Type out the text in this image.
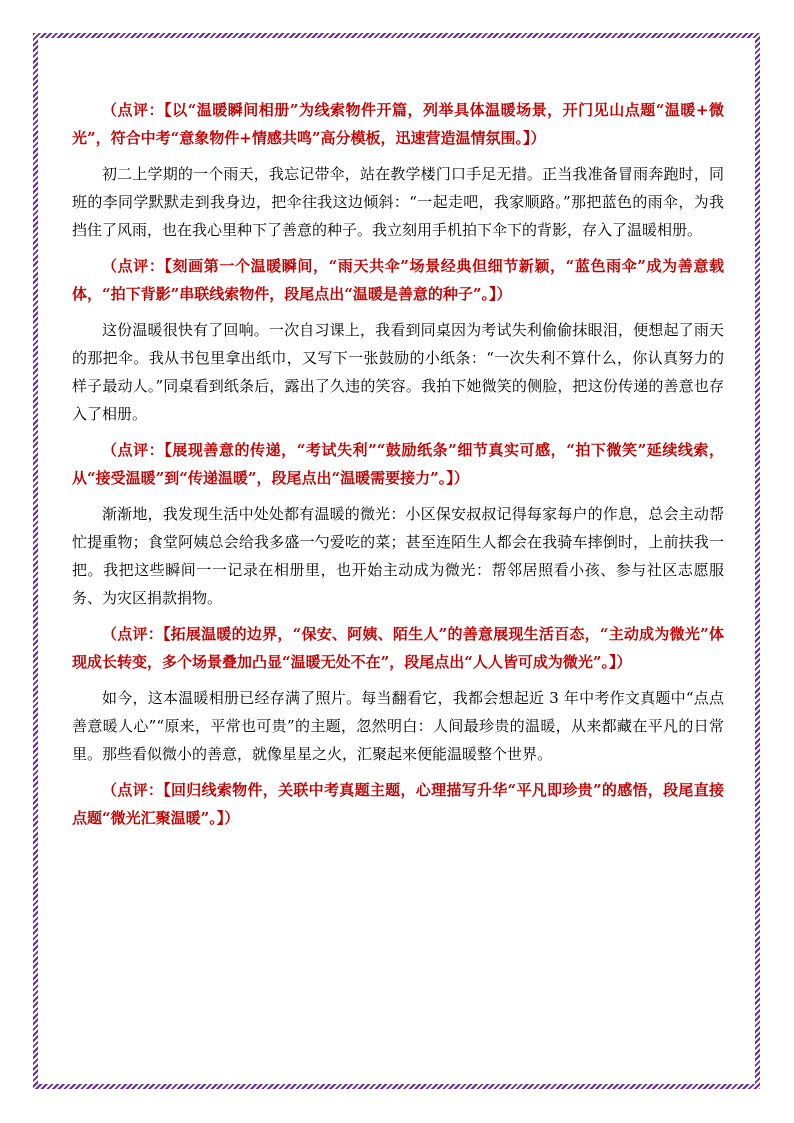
（点评：【以“温暖瞬间相册”为线索物件开篇，列举具体温暖场景，开门见山点题“温暖+微光”，符合中考“意象物件+情感共鸣”高分模板，迅速营造温情氛围。】）

初二上学期的一个雨天，我忘记带伞，站在教学楼门口手足无措。正当我准备冒雨奔跑时，同班的李同学默默走到我身边，把伞往我这边倾斜：“一起走吧，我家顺路。”那把蓝色的雨伞，为我挡住了风雨，也在我心里种下了善意的种子。我立刻用手机拍下伞下的背影，存入了温暖相册。

（点评：【刻画第一个温暖瞬间，“雨天共伞”场景经典但细节新颖，“蓝色雨伞”成为善意载体，“拍下背影”串联线索物件，段尾点出“温暖是善意的种子”。】）

这份温暖很快有了回响。一次自习课上，我看到同桌因为考试失利偷偷抹眼泪，便想起了雨天的那把伞。我从书包里拿出纸巾，又写下一张鼓励的小纸条：“一次失利不算什么，你认真努力的样子最动人。”同桌看到纸条后，露出了久违的笑容。我拍下她微笑的侧脸，把这份传递的善意也存入了相册。

（点评：【展现善意的传递，“考试失利”“鼓励纸条”细节真实可感，“拍下微笑”延续线索，从“接受温暖”到“传递温暖”，段尾点出“温暖需要接力”。】）

渐渐地，我发现生活中处处都有温暖的微光：小区保安叔叔记得每家每户的作息，总会主动帮忙提重物；食堂阿姨总会给我多盛一勺爱吃的菜；甚至连陌生人都会在我骑车摔倒时，上前扶我一把。我把这些瞬间一一记录在相册里，也开始主动成为微光：帮邻居照看小孩、参与社区志愿服务、为灾区捐款捐物。

（点评：【拓展温暖的边界，“保安、阿姨、陌生人”的善意展现生活百态，“主动成为微光”体现成长转变，多个场景叠加凸显“温暖无处不在”，段尾点出“人人皆可成为微光”。】）

如今，这本温暖相册已经存满了照片。每当翻看它，我都会想起近 3 年中考作文真题中“点点善意暖人心”“原来，平常也可贵”的主题，忽然明白：人间最珍贵的温暖，从来都藏在平凡的日常里。那些看似微小的善意，就像星星之火，汇聚起来便能温暖整个世界。

（点评：【回归线索物件，关联中考真题主题，心理描写升华“平凡即珍贵”的感悟，段尾直接点题“微光汇聚温暖”。】）
